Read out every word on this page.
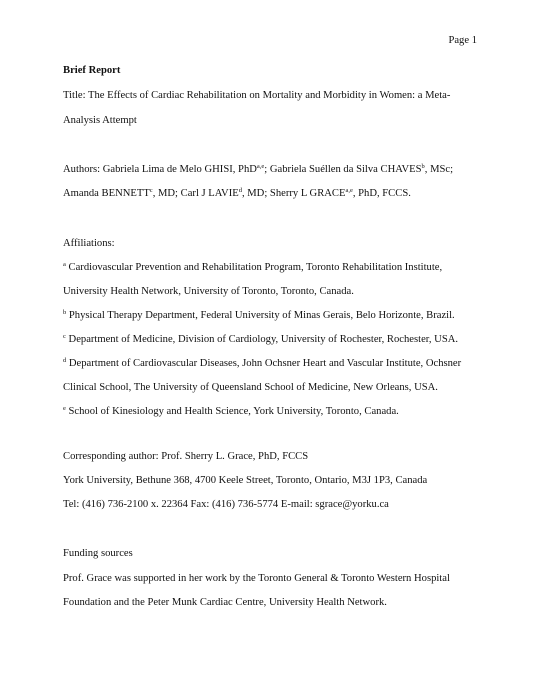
Page 1
Brief Report
Title: The Effects of Cardiac Rehabilitation on Mortality and Morbidity in Women: a Meta-
Analysis Attempt
Authors: Gabriela Lima de Melo GHISI, PhD$^{a,e}$; Gabriela Suéllen da Silva CHAVES$^b$, MSc;
Amanda BENNETT$^c$, MD; Carl J LAVIE$^d$, MD; Sherry L GRACE$^{a,e}$, PhD, FCCS.
Affiliations:
$^a$ Cardiovascular Prevention and Rehabilitation Program, Toronto Rehabilitation Institute,
University Health Network, University of Toronto, Toronto, Canada.
$^b$ Physical Therapy Department, Federal University of Minas Gerais, Belo Horizonte, Brazil.
$^c$ Department of Medicine, Division of Cardiology, University of Rochester, Rochester, USA.
$^d$ Department of Cardiovascular Diseases, John Ochsner Heart and Vascular Institute, Ochsner
Clinical School, The University of Queensland School of Medicine, New Orleans, USA.
$^e$ School of Kinesiology and Health Science, York University, Toronto, Canada.
Corresponding author: Prof. Sherry L. Grace, PhD, FCCS
York University, Bethune 368, 4700 Keele Street, Toronto, Ontario, M3J 1P3, Canada
Tel: (416) 736-2100 x. 22364 Fax: (416) 736-5774 E-mail: sgrace@yorku.ca
Funding sources
Prof. Grace was supported in her work by the Toronto General & Toronto Western Hospital
Foundation and the Peter Munk Cardiac Centre, University Health Network.
